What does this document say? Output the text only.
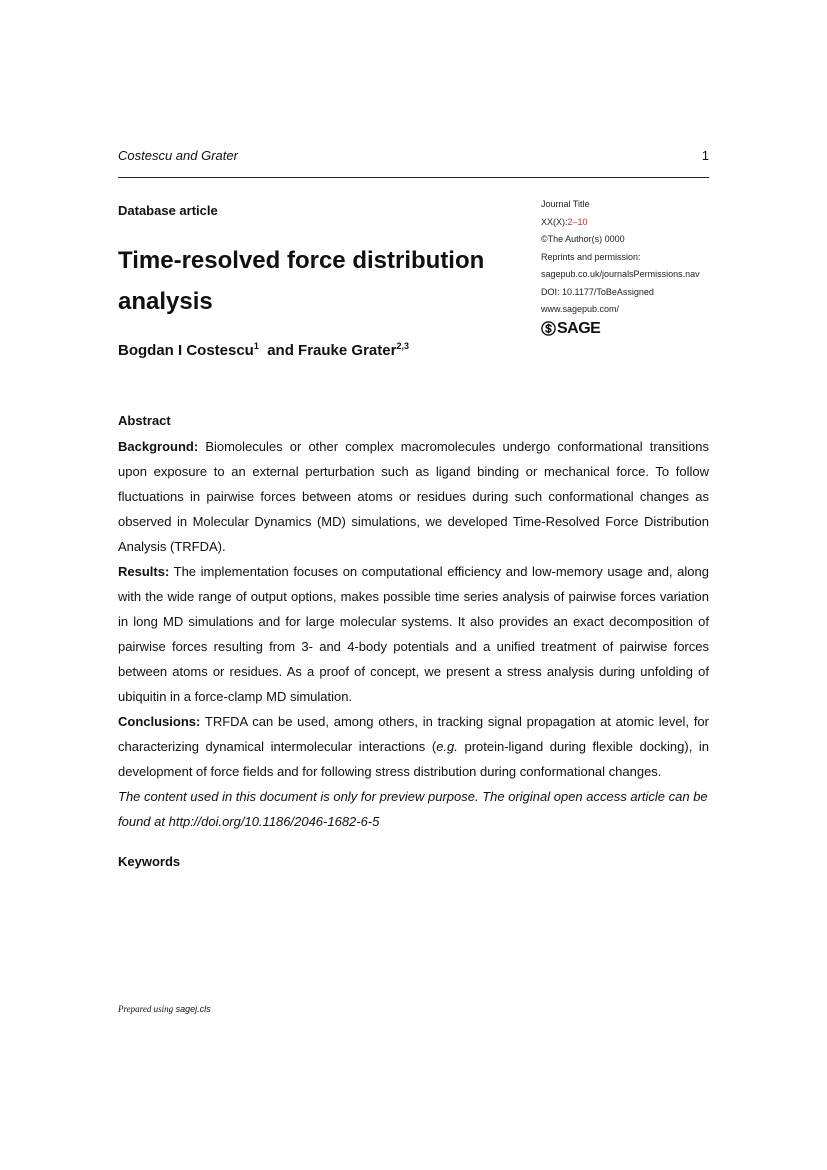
Costescu and Grater	1
Database article
Time-resolved force distribution analysis
Bogdan I Costescu$^1$ and Frauke Grater$^{2,3}$
Journal Title
XX(X):2–10
©The Author(s) 0000
Reprints and permission:
sagepub.co.uk/journalsPermissions.nav
DOI: 10.1177/ToBeAssigned
www.sagepub.com/
SAGE
Abstract

Background: Biomolecules or other complex macromolecules undergo conformational transitions upon exposure to an external perturbation such as ligand binding or mechanical force. To follow fluctuations in pairwise forces between atoms or residues during such conformational changes as observed in Molecular Dynamics (MD) simulations, we developed Time-Resolved Force Distribution Analysis (TRFDA).

Results: The implementation focuses on computational efficiency and low-memory usage and, along with the wide range of output options, makes possible time series analysis of pairwise forces variation in long MD simulations and for large molecular systems. It also provides an exact decomposition of pairwise forces resulting from 3- and 4-body potentials and a unified treatment of pairwise forces between atoms or residues. As a proof of concept, we present a stress analysis during unfolding of ubiquitin in a force-clamp MD simulation.

Conclusions: TRFDA can be used, among others, in tracking signal propagation at atomic level, for characterizing dynamical intermolecular interactions (e.g. protein-ligand during flexible docking), in development of force fields and for following stress distribution during conformational changes.

The content used in this document is only for preview purpose. The original open access article can be found at http://doi.org/10.1186/2046-1682-6-5

Keywords
Prepared using sagej.cls
